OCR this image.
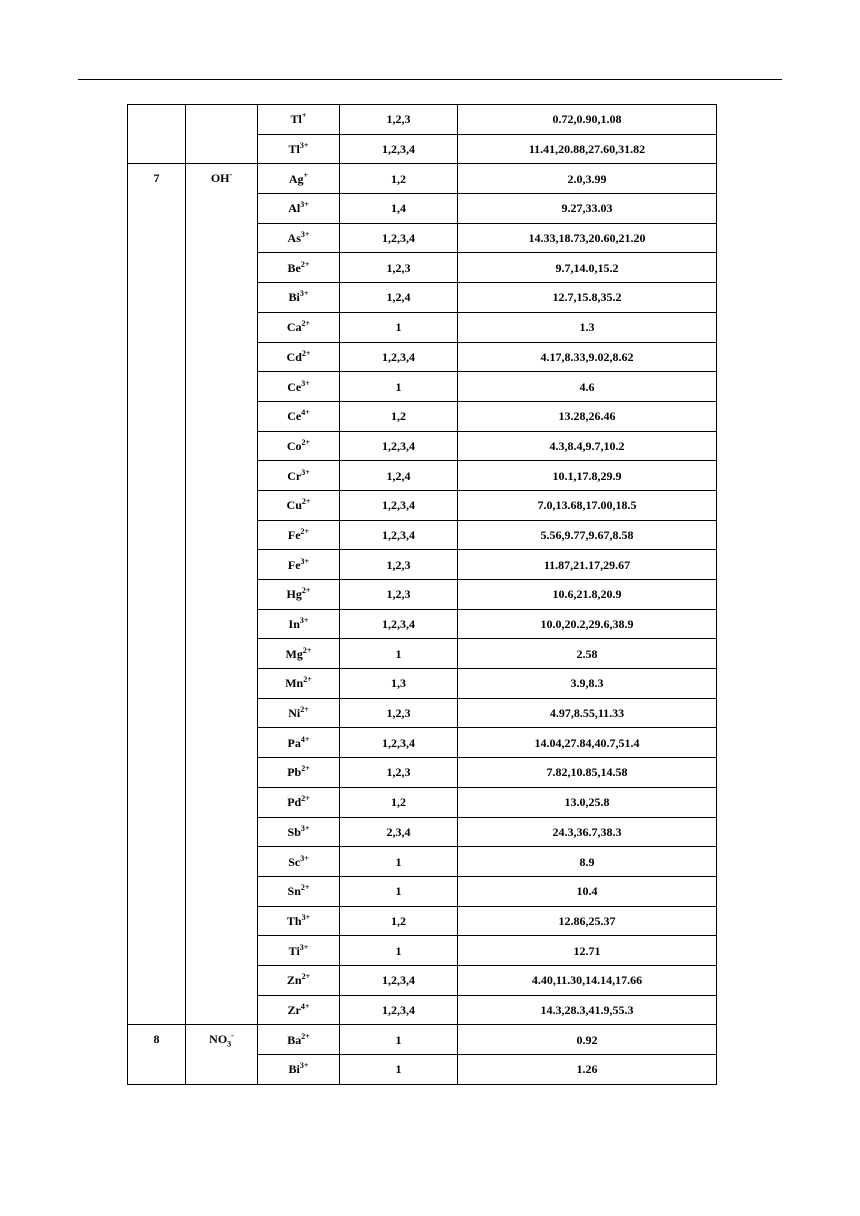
		Tl+	1,2,3	0.72,0.90,1.08
		$Tl^{3+}$	1,2,3,4	11.41,20.88,27.60,31.82
7	OH-	Ag+	1,2	2.0,3.99
		$Al^{3+}$	1,4	9.27,33.03
		$As^{3+}$	1,2,3,4	14.33,18.73,20.60,21.20
		$Be^{2+}$	1,2,3	9.7,14.0,15.2
		$Bi^{3+}$	1,2,4	12.7,15.8,35.2
		$Ca^{2+}$	1	1.3
		$Cd^{2+}$	1,2,3,4	4.17,8.33,9.02,8.62
		$Ce^{3+}$	1	4.6
		$Ce^{4+}$	1,2	13.28,26.46
		$Co^{2+}$	1,2,3,4	4.3,8.4,9.7,10.2
		$Cr^{3+}$	1,2,4	10.1,17.8,29.9
		$Cu^{2+}$	1,2,3,4	7.0,13.68,17.00,18.5
		$Fe^{2+}$	1,2,3,4	5.56,9.77,9.67,8.58
		$Fe^{3+}$	1,2,3	11.87,21.17,29.67
		$Hg^{2+}$	1,2,3	10.6,21.8,20.9
		$In^{3+}$	1,2,3,4	10.0,20.2,29.6,38.9
		$Mg^{2+}$	1	2.58
		$Mn^{2+}$	1,3	3.9,8.3
		$Ni^{2+}$	1,2,3	4.97,8.55,11.33
		$Pa^{4+}$	1,2,3,4	14.04,27.84,40.7,51.4
		$Pb^{2+}$	1,2,3	7.82,10.85,14.58
		$Pd^{2+}$	1,2	13.0,25.8
		$Sb^{3+}$	2,3,4	24.3,36.7,38.3
		$Sc^{3+}$	1	8.9
		$Sn^{2+}$	1	10.4
		$Th^{3+}$	1,2	12.86,25.37
		$Ti^{3+}$	1	12.71
		$Zn^{2+}$	1,2,3,4	4.40,11.30,14.14,17.66
		$Zr^{4+}$	1,2,3,4	14.3,28.3,41.9,55.3
8	$NO_3^-$	$Ba^{2+}$	1	0.92
		$Bi^{3+}$	1	1.26
